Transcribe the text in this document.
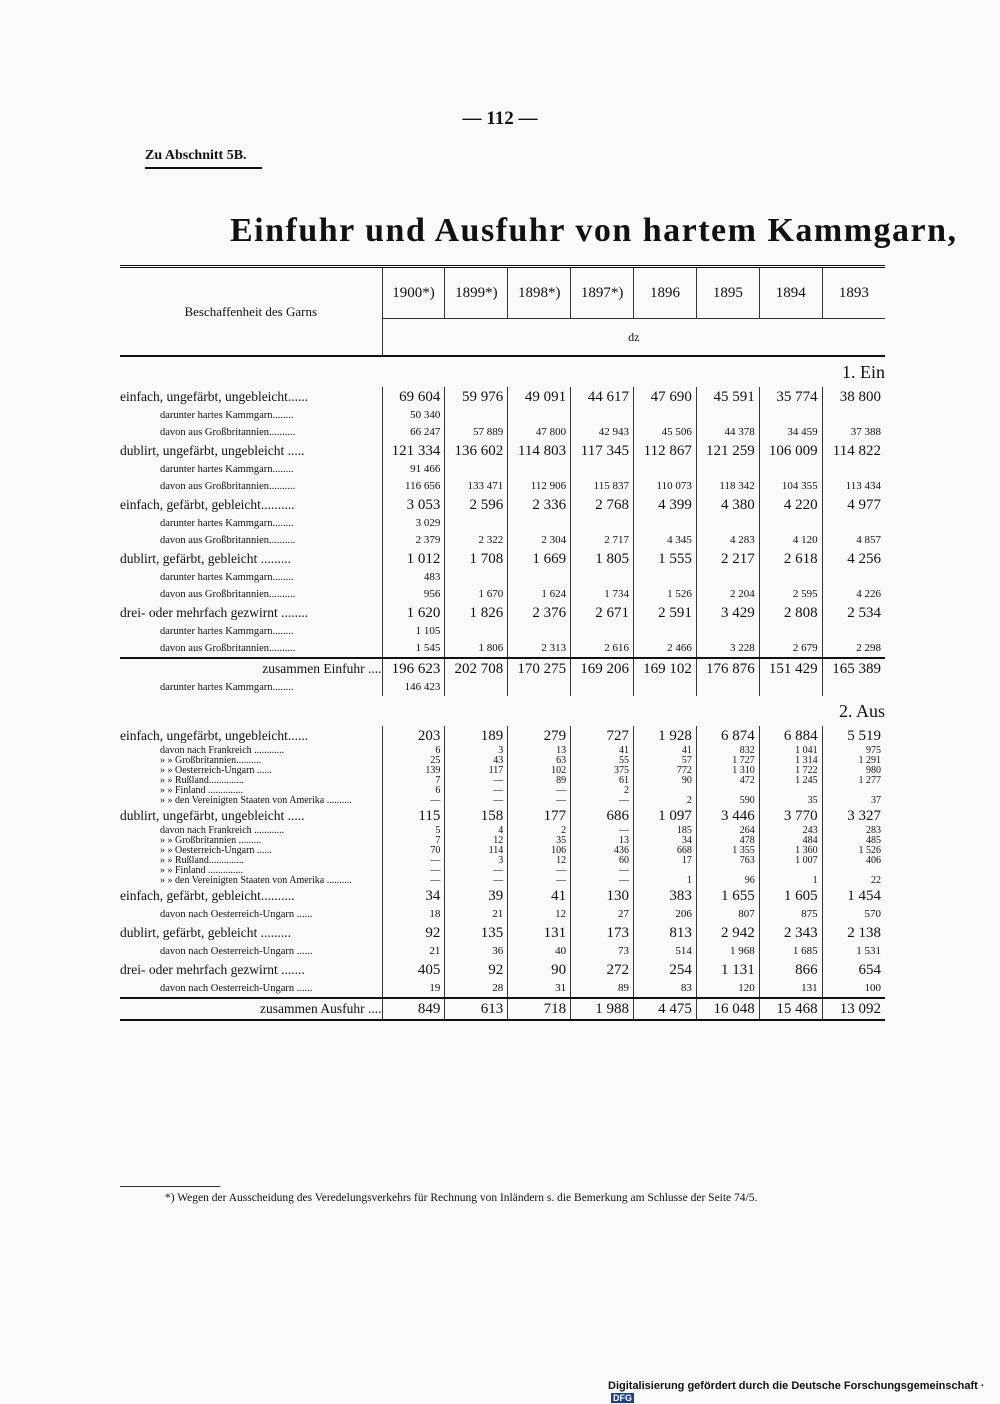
— 112 —
Zu Abschnitt 5B.
Einfuhr und Ausfuhr von hartem Kammgarn,
Beschaffenheit des Garns	1900*)	1899*)	1898*)	1897*)	1896	1895	1894	1893
	dz							
1. Ein								
einfach, ungefärbt, ungebleicht......	69 604	59 976	49 091	44 617	47 690	45 591	35 774	38 800
darunter hartes Kammgarn........	50 340							
davon aus Großbritannien..........	66 247	57 889	47 800	42 943	45 506	44 378	34 459	37 388
dublirt, ungefärbt, ungebleicht .....	121 334	136 602	114 803	117 345	112 867	121 259	106 009	114 822
darunter hartes Kammgarn........	91 466							
davon aus Großbritannien..........	116 656	133 471	112 906	115 837	110 073	118 342	104 355	113 434
einfach, gefärbt, gebleicht..........	3 053	2 596	2 336	2 768	4 399	4 380	4 220	4 977
darunter hartes Kammgarn........	3 029							
davon aus Großbritannien..........	2 379	2 322	2 304	2 717	4 345	4 283	4 120	4 857
dublirt, gefärbt, gebleicht .........	1 012	1 708	1 669	1 805	1 555	2 217	2 618	4 256
darunter hartes Kammgarn........	483							
davon aus Großbritannien..........	956	1 670	1 624	1 734	1 526	2 204	2 595	4 226
drei- oder mehrfach gezwirnt ........	1 620	1 826	2 376	2 671	2 591	3 429	2 808	2 534
darunter hartes Kammgarn........	1 105							
davon aus Großbritannien..........	1 545	1 806	2 313	2 616	2 466	3 228	2 679	2 298
zusammen Einfuhr ....	196 623	202 708	170 275	169 206	169 102	176 876	151 429	165 389
darunter hartes Kammgarn........	146 423							
2. Aus								
einfach, ungefärbt, ungebleicht......	203	189	279	727	1 928	6 874	6 884	5 519
davon nach Frankreich ............	6	3	13	41	41	832	1 041	975
» » Großbritannien..........	25	43	63	55	57	1 727	1 314	1 291
» » Oesterreich-Ungarn ......	139	117	102	375	772	1 310	1 722	980
» » Rußland..............	7	—	89	61	90	472	1 245	1 277
» » Finland ..............	6	—	—	2				
» » den Vereinigten Staaten von Amerika ..........	—	—	—	—	2	590	35	37
dublirt, ungefärbt, ungebleicht .....	115	158	177	686	1 097	3 446	3 770	3 327
davon nach Frankreich ............	5	4	2	—	185	264	243	283
» » Großbritannien .........	7	12	35	13	34	478	484	485
» » Oesterreich-Ungarn ......	70	114	106	436	668	1 355	1 360	1 526
» » Rußland..............	—	3	12	60	17	763	1 007	406
» » Finland ..............	—	—	—	—				
» » den Vereinigten Staaten von Amerika ..........	—	—	—	—	1	96	1	22
einfach, gefärbt, gebleicht..........	34	39	41	130	383	1 655	1 605	1 454
davon nach Oesterreich-Ungarn ......	18	21	12	27	206	807	875	570
dublirt, gefärbt, gebleicht .........	92	135	131	173	813	2 942	2 343	2 138
davon nach Oesterreich-Ungarn ......	21	36	40	73	514	1 968	1 685	1 531
drei- oder mehrfach gezwirnt .......	405	92	90	272	254	1 131	866	654
davon nach Oesterreich-Ungarn ......	19	28	31	89	83	120	131	100
zusammen Ausfuhr ....	849	613	718	1 988	4 475	16 048	15 468	13 092
*) Wegen der Ausscheidung des Veredelungsverkehrs für Rechnung von Inländern s. die Bemerkung am Schlusse der Seite 74/5.
Digitalisierung gefördert durch die Deutsche Forschungsgemeinschaft · DFG
